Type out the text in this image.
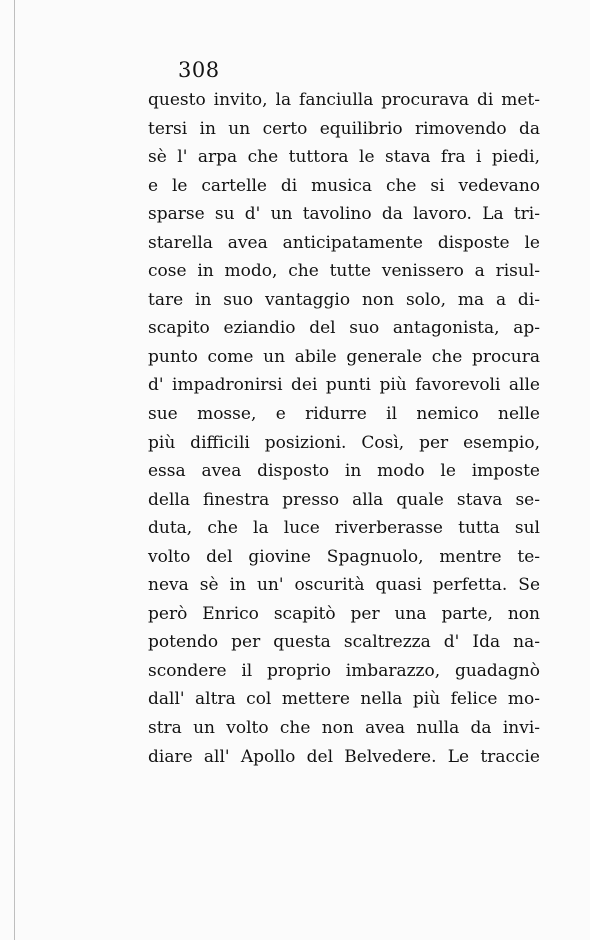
308
questo invito, la fanciulla procurava di met-
tersi in un certo equilibrio rimovendo da
sè l' arpa che tuttora le stava fra i piedi,
e le cartelle di musica che si vedevano
sparse su d' un tavolino da lavoro. La tri-
starella avea anticipatamente disposte le
cose in modo, che tutte venissero a risul-
tare in suo vantaggio non solo, ma a di-
scapito eziandio del suo antagonista, ap-
punto come un abile generale che procura
d' impadronirsi dei punti più favorevoli alle
sue mosse, e ridurre il nemico nelle
più difficili posizioni. Così, per esempio,
essa avea disposto in modo le imposte
della finestra presso alla quale stava se-
duta, che la luce riverberasse tutta sul
volto del giovine Spagnuolo, mentre te-
neva sè in un' oscurità quasi perfetta. Se
però Enrico scapitò per una parte, non
potendo per questa scaltrezza d' Ida na-
scondere il proprio imbarazzo, guadagnò
dall' altra col mettere nella più felice mo-
stra un volto che non avea nulla da invi-
diare all' Apollo del Belvedere. Le traccie
